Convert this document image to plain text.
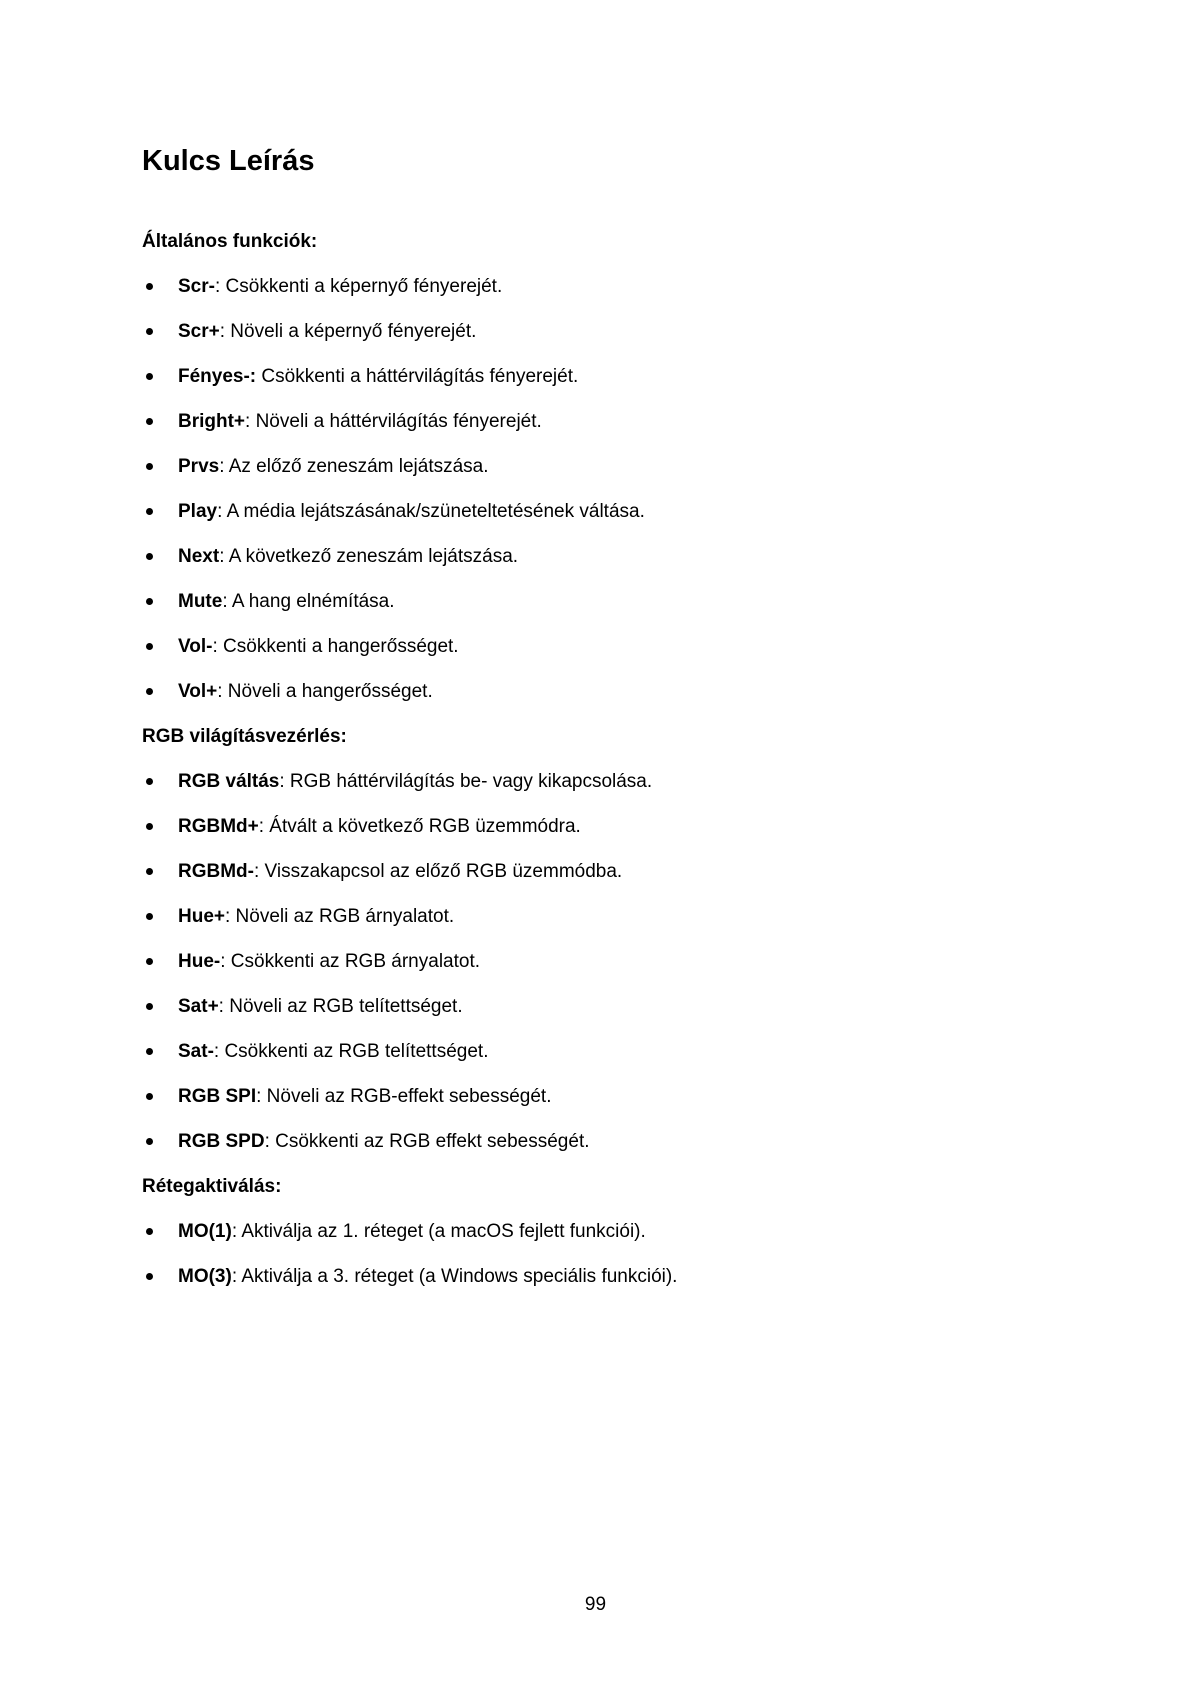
Kulcs Leírás
Általános funkciók:
Scr-: Csökkenti a képernyő fényerejét.
Scr+: Növeli a képernyő fényerejét.
Fényes-: Csökkenti a háttérvilágítás fényerejét.
Bright+: Növeli a háttérvilágítás fényerejét.
Prvs: Az előző zeneszám lejátszása.
Play: A média lejátszásának/szüneteltetésének váltása.
Next: A következő zeneszám lejátszása.
Mute: A hang elnémítása.
Vol-: Csökkenti a hangerősséget.
Vol+: Növeli a hangerősséget.
RGB világításvezérlés:
RGB váltás: RGB háttérvilágítás be- vagy kikapcsolása.
RGBMd+: Átvált a következő RGB üzemmódra.
RGBMd-: Visszakapcsol az előző RGB üzemmódba.
Hue+: Növeli az RGB árnyalatot.
Hue-: Csökkenti az RGB árnyalatot.
Sat+: Növeli az RGB telítettséget.
Sat-: Csökkenti az RGB telítettséget.
RGB SPI: Növeli az RGB-effekt sebességét.
RGB SPD: Csökkenti az RGB effekt sebességét.
Rétegaktiválás:
MO(1): Aktiválja az 1. réteget (a macOS fejlett funkciói).
MO(3): Aktiválja a 3. réteget (a Windows speciális funkciói).
99
